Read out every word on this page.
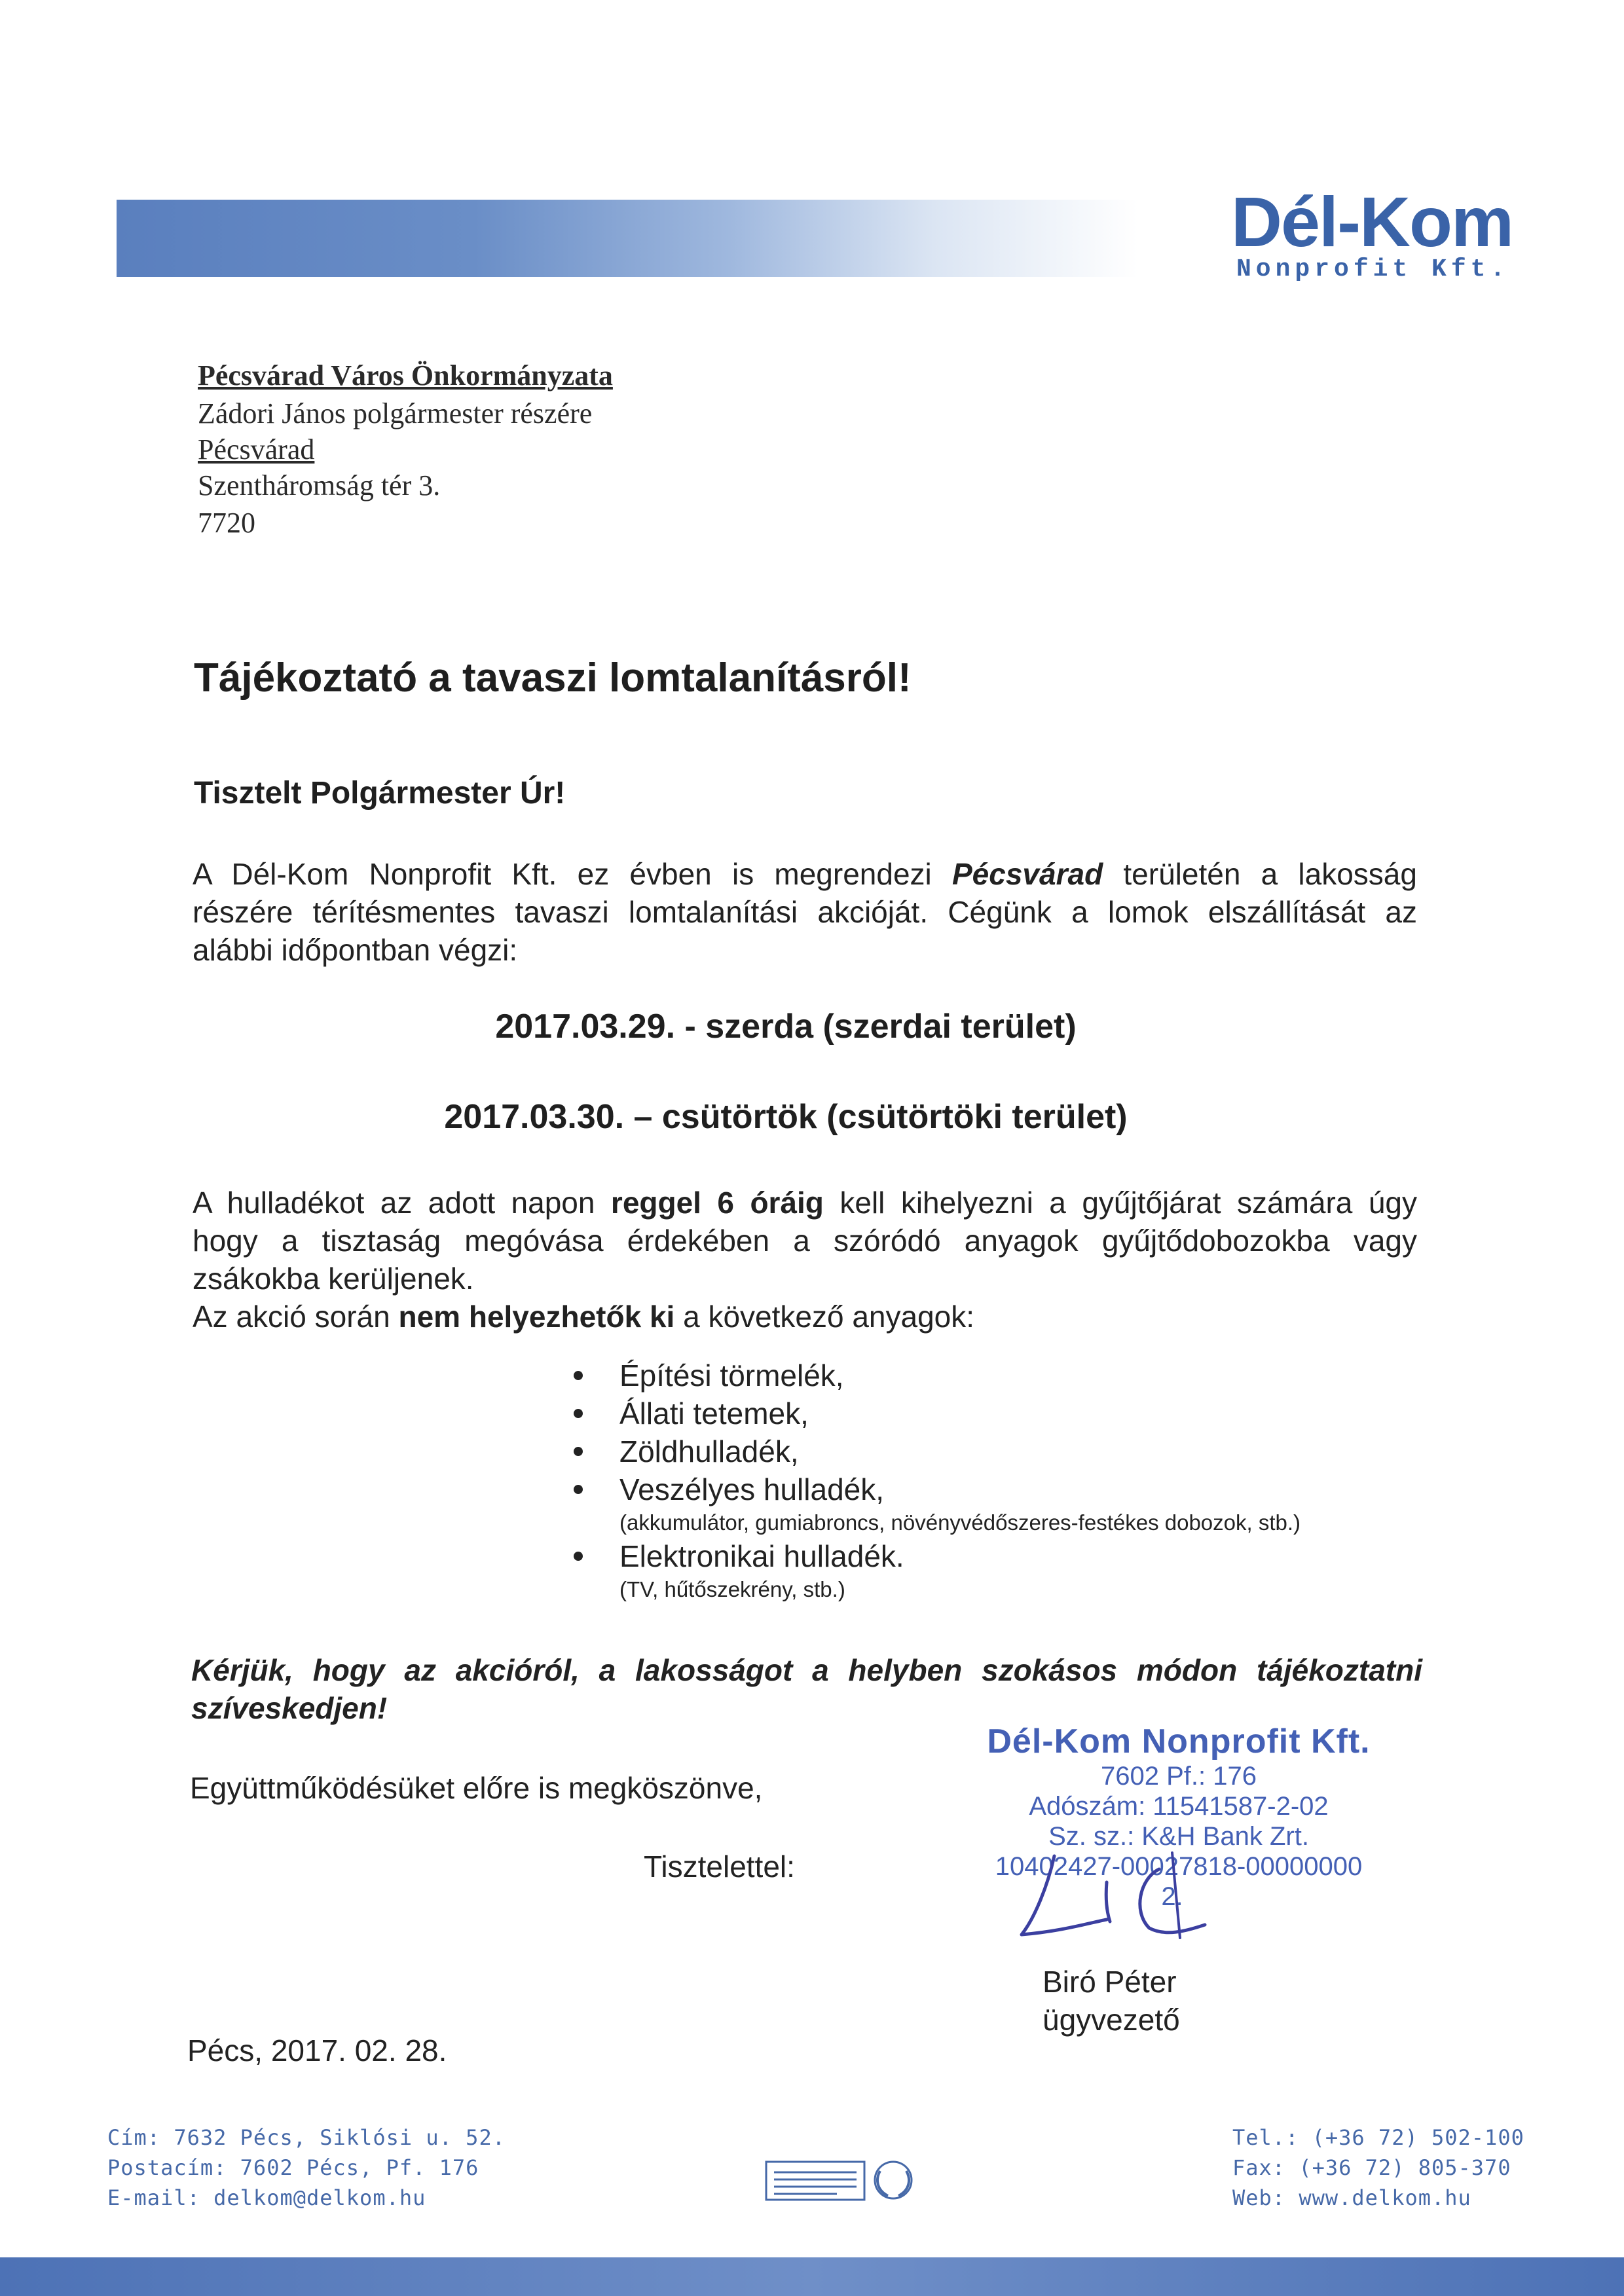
Dél-Kom
Nonprofit Kft.
Pécsvárad Város Önkormányzata
Zádori János polgármester részére
Pécsvárad
Szentháromság tér 3.
7720
Tájékoztató a tavaszi lomtalanításról!
Tisztelt Polgármester Úr!
A Dél-Kom Nonprofit Kft. ez évben is megrendezi Pécsvárad területén a lakosság
részére térítésmentes tavaszi lomtalanítási akcióját. Cégünk a lomok elszállítását az
alábbi időpontban végzi:
2017.03.29. - szerda (szerdai terület)
2017.03.30. – csütörtök (csütörtöki terület)
A hulladékot az adott napon reggel 6 óráig kell kihelyezni a gyűjtőjárat számára úgy
hogy a tisztaság megóvása érdekében a szóródó anyagok gyűjtődobozokba vagy
zsákokba kerüljenek.
Az akció során nem helyezhetők ki a következő anyagok:
Építési törmelék,
Állati tetemek,
Zöldhulladék,
Veszélyes hulladék,
(akkumulátor, gumiabroncs, növényvédőszeres-festékes dobozok, stb.)
Elektronikai hulladék.
(TV, hűtőszekrény, stb.)
Kérjük, hogy az akcióról, a lakosságot a helyben szokásos módon tájékoztatni
szíveskedjen!
Együttműködésüket előre is megköszönve,
Tisztelettel:
Dél-Kom Nonprofit Kft.
7602 Pf.: 176
Adószám: 11541587-2-02
Sz. sz.: K&H Bank Zrt.
10402427-00027818-00000000
2.
Biró Péter
ügyvezető
Pécs, 2017. 02. 28.
Cím: 7632 Pécs, Siklósi u. 52.
Postacím: 7602 Pécs, Pf. 176
E-mail: delkom@delkom.hu
Tel.: (+36 72) 502-100
Fax: (+36 72) 805-370
Web: www.delkom.hu
